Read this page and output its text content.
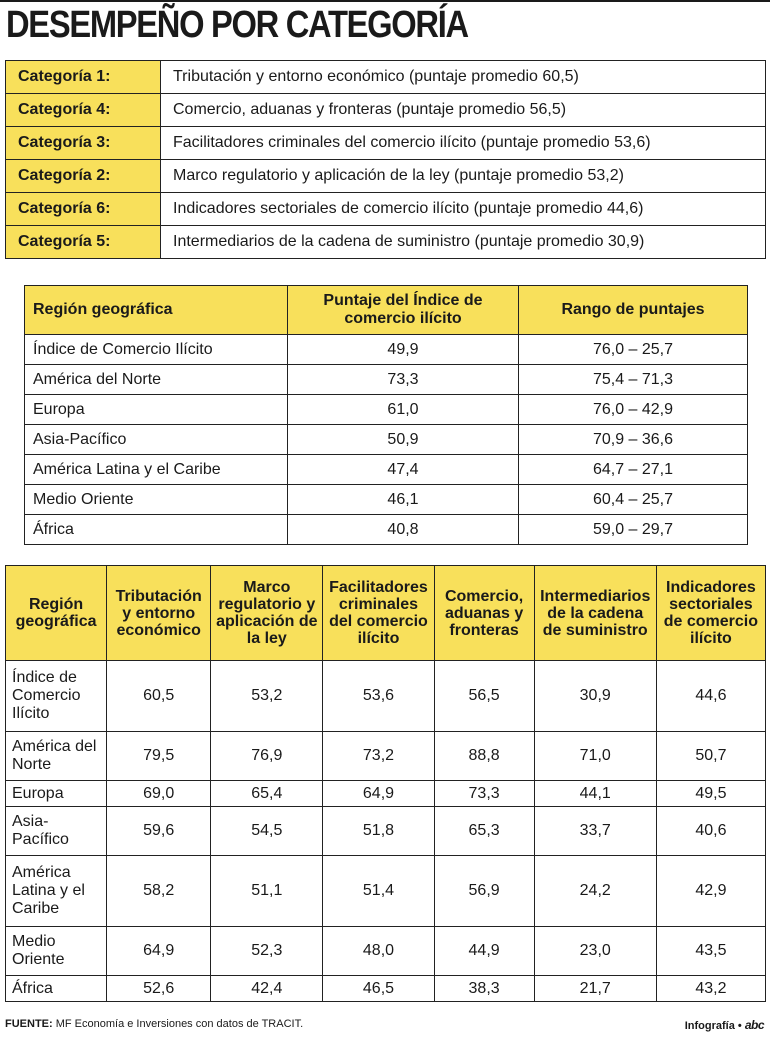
DESEMPEÑO POR CATEGORÍA
Categoría 1:	Tributación y entorno económico (puntaje promedio 60,5)
Categoría 4:	Comercio, aduanas y fronteras (puntaje promedio 56,5)
Categoría 3:	Facilitadores criminales del comercio ilícito (puntaje promedio 53,6)
Categoría 2:	Marco regulatorio y aplicación de la ley (puntaje promedio 53,2)
Categoría 6:	Indicadores sectoriales de comercio ilícito (puntaje promedio 44,6)
Categoría 5:	Intermediarios de la cadena de suministro (puntaje promedio 30,9)
Región geográfica	Puntaje del Índice de comercio ilícito	Rango de puntajes
Índice de Comercio Ilícito	49,9	76,0 – 25,7
América del Norte	73,3	75,4 – 71,3
Europa	61,0	76,0 – 42,9
Asia-Pacífico	50,9	70,9 – 36,6
América Latina y el Caribe	47,4	64,7 – 27,1
Medio Oriente	46,1	60,4 – 25,7
África	40,8	59,0 – 29,7
Región geográfica	Tributación y entorno económico	Marco regulatorio y aplicación de la ley	Facilitadores criminales del comercio ilícito	Comercio, aduanas y fronteras	Intermediarios de la cadena de suministro	Indicadores sectoriales de comercio ilícito
Índice de Comercio Ilícito	60,5	53,2	53,6	56,5	30,9	44,6
América del Norte	79,5	76,9	73,2	88,8	71,0	50,7
Europa	69,0	65,4	64,9	73,3	44,1	49,5
Asia-Pacífico	59,6	54,5	51,8	65,3	33,7	40,6
América Latina y el Caribe	58,2	51,1	51,4	56,9	24,2	42,9
Medio Oriente	64,9	52,3	48,0	44,9	23,0	43,5
África	52,6	42,4	46,5	38,3	21,7	43,2
FUENTE: MF Economía e Inversiones con datos de TRACIT.	Infografía • abc
